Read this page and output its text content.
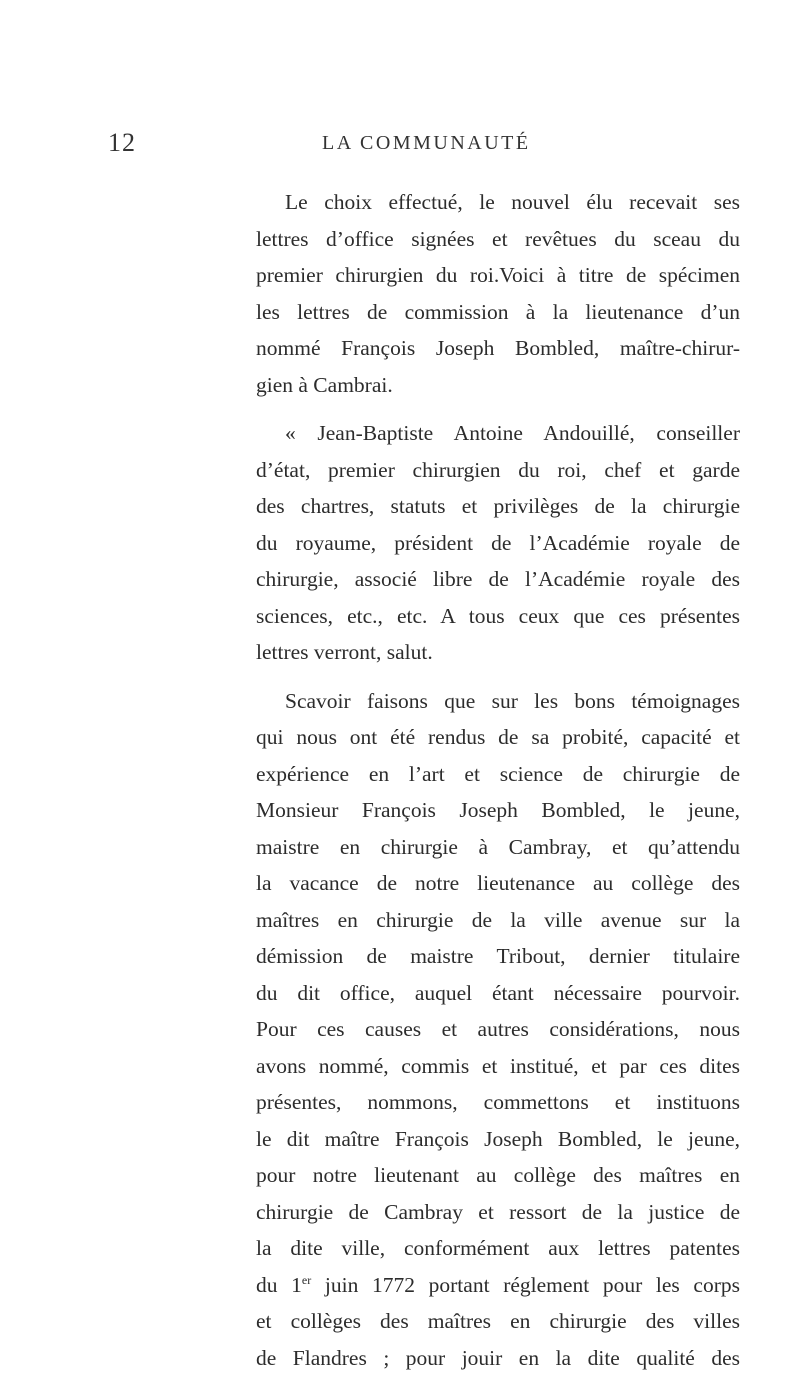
12	LA COMMUNAUTÉ
Le choix effectué, le nouvel élu recevait ses
lettres d’office signées et revêtues du sceau du
premier chirurgien du roi.Voici à titre de spécimen
les lettres de commission à la lieutenance d’un
nommé François Joseph Bombled, maître-chirur-
gien à Cambrai.
« Jean-Baptiste Antoine Andouillé, conseiller
d’état, premier chirurgien du roi, chef et garde
des chartres, statuts et privilèges de la chirurgie
du royaume, président de l’Académie royale de
chirurgie, associé libre de l’Académie royale des
sciences, etc., etc. A tous ceux que ces présentes
lettres verront, salut.
Scavoir faisons que sur les bons témoignages
qui nous ont été rendus de sa probité, capacité et
expérience en l’art et science de chirurgie de
Monsieur François Joseph Bombled, le jeune,
maistre en chirurgie à Cambray, et qu’attendu
la vacance de notre lieutenance au collège des
maîtres en chirurgie de la ville avenue sur la
démission de maistre Tribout, dernier titulaire
du dit office, auquel étant nécessaire pourvoir.
Pour ces causes et autres considérations, nous
avons nommé, commis et institué, et par ces dites
présentes, nommons, commettons et instituons
le dit maître François Joseph Bombled, le jeune,
pour notre lieutenant au collège des maîtres en
chirurgie de Cambray et ressort de la justice de
la dite ville, conformément aux lettres patentes
du 1er juin 1772 portant réglement pour les corps
et collèges des maîtres en chirurgie des villes
de Flandres ; pour jouir en la dite qualité des
